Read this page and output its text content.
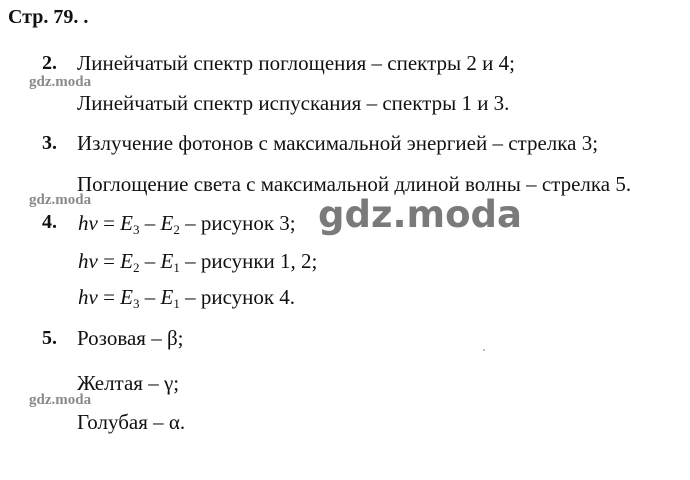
Стр. 79. .
2. Линейчатый спектр поглощения – спектры 2 и 4;
gdz.moda
Линейчатый спектр испускания – спектры 1 и 3.
3. Излучение фотонов с максимальной энергией – стрелка 3;
Поглощение света с максимальной длиной волны – стрелка 5.
gdz.moda
4. $h\nu = E_3 - E_2$ – рисунок 3; gdz.moda
$h\nu = E_2 - E_1$ – рисунки 1, 2;
$h\nu = E_3 - E_1$ – рисунок 4.
5. Розовая – β;
Желтая – γ;
gdz.moda
Голубая – α.
